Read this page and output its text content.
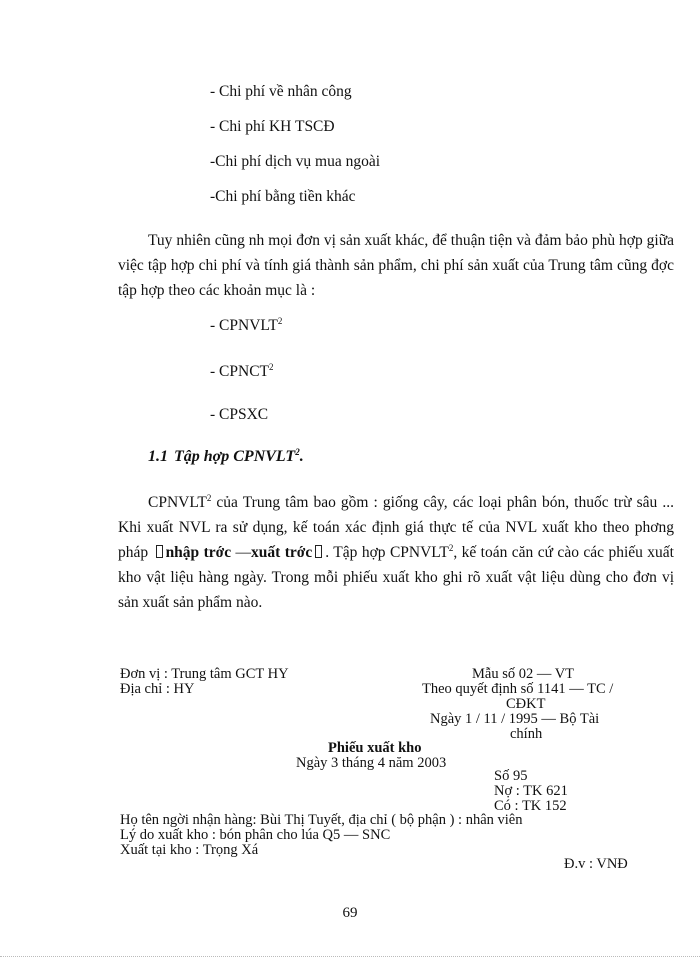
- Chi phí về nhân công
- Chi phí KH TSCĐ
-Chi phí dịch vụ mua ngoài
-Chi phí bằng tiền khác

Tuy nhiên cũng nh mọi đơn vị sản xuất khác, để thuận tiện và đảm bảo phù hợp giữa việc tập hợp chi phí và tính giá thành sản phẩm, chi phí sản xuất của Trung tâm cũng đợc tập hợp theo các khoản mục là :

- CPNVLT$^2$
- CPNCT$^2$
- CPSXC
1.1 Tập hợp CPNVLT$^2$.

CPNVLT$^2$ của Trung tâm bao gồm : giống cây, các loại phân bón, thuốc trừ sâu ... Khi xuất NVL ra sử dụng, kế toán xác định giá thực tế của NVL xuất kho theo phơng pháp nhập trớc —xuất trớc . Tập hợp CPNVLT$^2$, kế toán căn cứ cào các phiếu xuất kho vật liệu hàng ngày. Trong mỗi phiếu xuất kho ghi rõ xuất vật liệu dùng cho đơn vị sản xuất sản phẩm nào.

Đơn vị : Trung tâm GCT HY
Địa chỉ : HY
Mẫu số 02 — VT
Theo quyết định số 1141 — TC /
CĐKT
Ngày 1 / 11 / 1995 — Bộ Tài
chính
Phiếu xuất kho
Ngày 3 tháng 4 năm 2003
Số 95
Nợ : TK 621
Có : TK 152
Họ tên ngời nhận hàng: Bùi Thị Tuyết, địa chỉ ( bộ phận ) : nhân viên
Lý do xuất kho : bón phân cho lúa Q5 — SNC
Xuất tại kho : Trọng Xá
Đ.v : VNĐ
69
